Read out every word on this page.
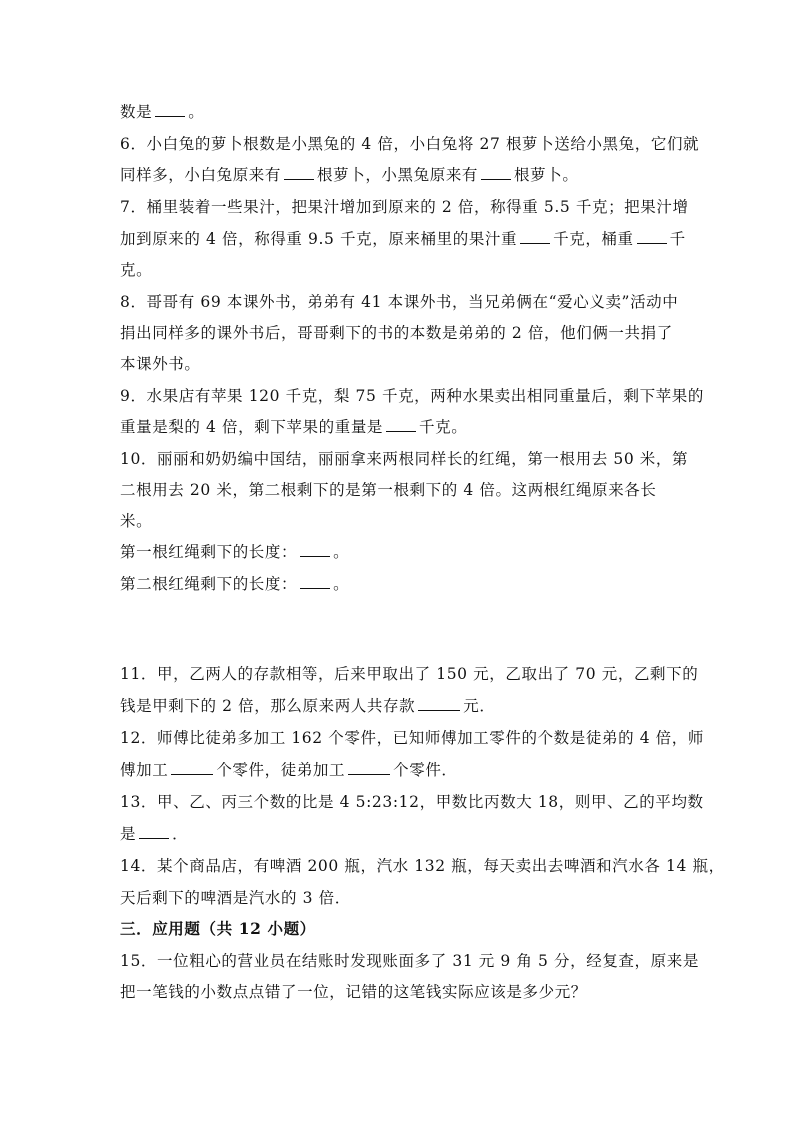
数是 。
6．小白兔的萝卜根数是小黑兔的 4 倍，小白兔将 27 根萝卜送给小黑兔，它们就
同样多，小白兔原来有 根萝卜，小黑兔原来有 根萝卜。
7．桶里装着一些果汁，把果汁增加到原来的 2 倍，称得重 5.5 千克；把果汁增
加到原来的 4 倍，称得重 9.5 千克，原来桶里的果汁重 千克，桶重 千
克。
8．哥哥有 69 本课外书，弟弟有 41 本课外书，当兄弟俩在“爱心义卖”活动中
捐出同样多的课外书后，哥哥剩下的书的本数是弟弟的 2 倍，他们俩一共捐了
本课外书。
9．水果店有苹果 120 千克，梨 75 千克，两种水果卖出相同重量后，剩下苹果的
重量是梨的 4 倍，剩下苹果的重量是 千克。
10．丽丽和奶奶编中国结，丽丽拿来两根同样长的红绳，第一根用去 50 米，第
二根用去 20 米，第二根剩下的是第一根剩下的 4 倍。这两根红绳原来各长
米。
第一根红绳剩下的长度： 。
第二根红绳剩下的长度： 。
11．甲，乙两人的存款相等，后来甲取出了 150 元，乙取出了 70 元，乙剩下的
钱是甲剩下的 2 倍，那么原来两人共存款	元．
12．师傅比徒弟多加工 162 个零件，已知师傅加工零件的个数是徒弟的 4 倍，师
傅加工	个零件，徒弟加工	个零件．
13．甲、乙、丙三个数的比是 4 5:23:12，甲数比丙数大 18，则甲、乙的平均数
是 ．
14．某个商品店，有啤酒 200 瓶，汽水 132 瓶，每天卖出去啤酒和汽水各 14 瓶，
天后剩下的啤酒是汽水的 3 倍．
三．应用题（共 12 小题）
15．一位粗心的营业员在结账时发现账面多了 31 元 9 角 5 分，经复查，原来是
把一笔钱的小数点点错了一位，记错的这笔钱实际应该是多少元？
